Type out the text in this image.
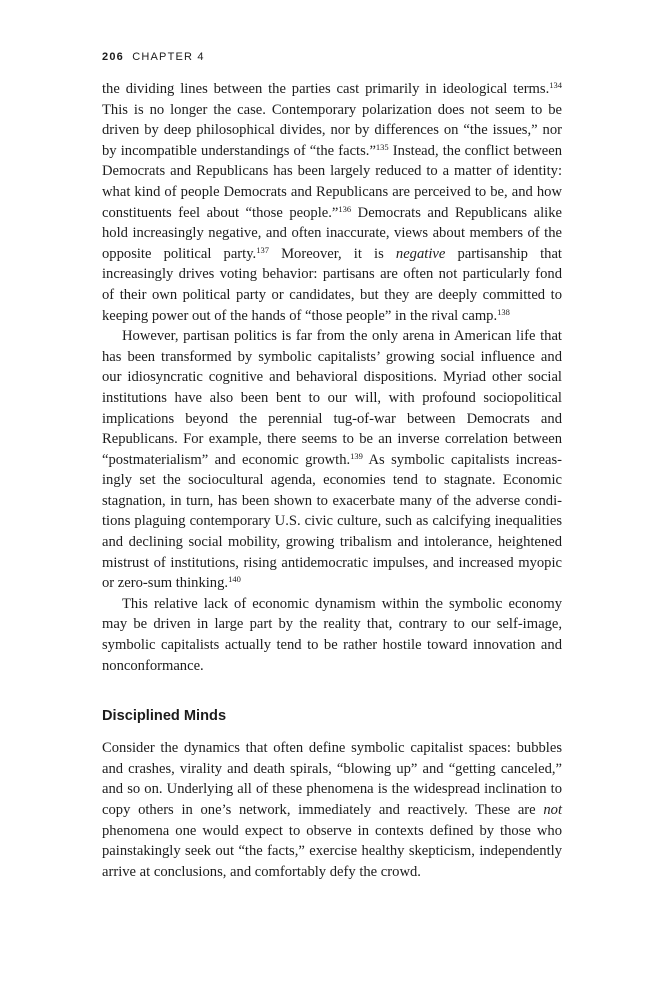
206 CHAPTER 4

the dividing lines between the parties cast primarily in ideological terms.$^{134}$ This is no longer the case. Contemporary polarization does not seem to be driven by deep philosophical divides, nor by differences on “the issues,” nor by incompatible understandings of “the facts.”$^{135}$ Instead, the conflict between Democrats and Republicans has been largely reduced to a matter of identity: what kind of people Democrats and Republicans are perceived to be, and how constituents feel about “those people.”$^{136}$ Democrats and Republicans alike hold increasingly negative, and often inaccurate, views about members of the opposite political party.$^{137}$ Moreover, it is negative partisanship that increasingly drives voting behavior: partisans are often not particularly fond of their own political party or candidates, but they are deeply committed to keeping power out of the hands of “those people” in the rival camp.$^{138}$

However, partisan politics is far from the only arena in American life that has been transformed by symbolic capitalists’ growing social influence and our idiosyncratic cognitive and behavioral dispositions. Myriad other social institutions have also been bent to our will, with profound sociopolitical implications beyond the perennial tug-of-war between Democrats and Republicans. For example, there seems to be an inverse correlation between “postmaterialism” and economic growth.$^{139}$ As symbolic capitalists increasingly set the sociocultural agenda, economies tend to stagnate. Economic stagnation, in turn, has been shown to exacerbate many of the adverse conditions plaguing contemporary U.S. civic culture, such as calcifying inequalities and declining social mobility, growing tribalism and intolerance, heightened mistrust of institutions, rising antidemocratic impulses, and increased myopic or zero-sum thinking.$^{140}$

This relative lack of economic dynamism within the symbolic economy may be driven in large part by the reality that, contrary to our self-image, symbolic capitalists actually tend to be rather hostile toward innovation and nonconformance.

Disciplined Minds

Consider the dynamics that often define symbolic capitalist spaces: bubbles and crashes, virality and death spirals, “blowing up” and “getting canceled,” and so on. Underlying all of these phenomena is the widespread inclination to copy others in one’s network, immediately and reactively. These are not phenomena one would expect to observe in contexts defined by those who painstakingly seek out “the facts,” exercise healthy skepticism, independently arrive at conclusions, and comfortably defy the crowd.
